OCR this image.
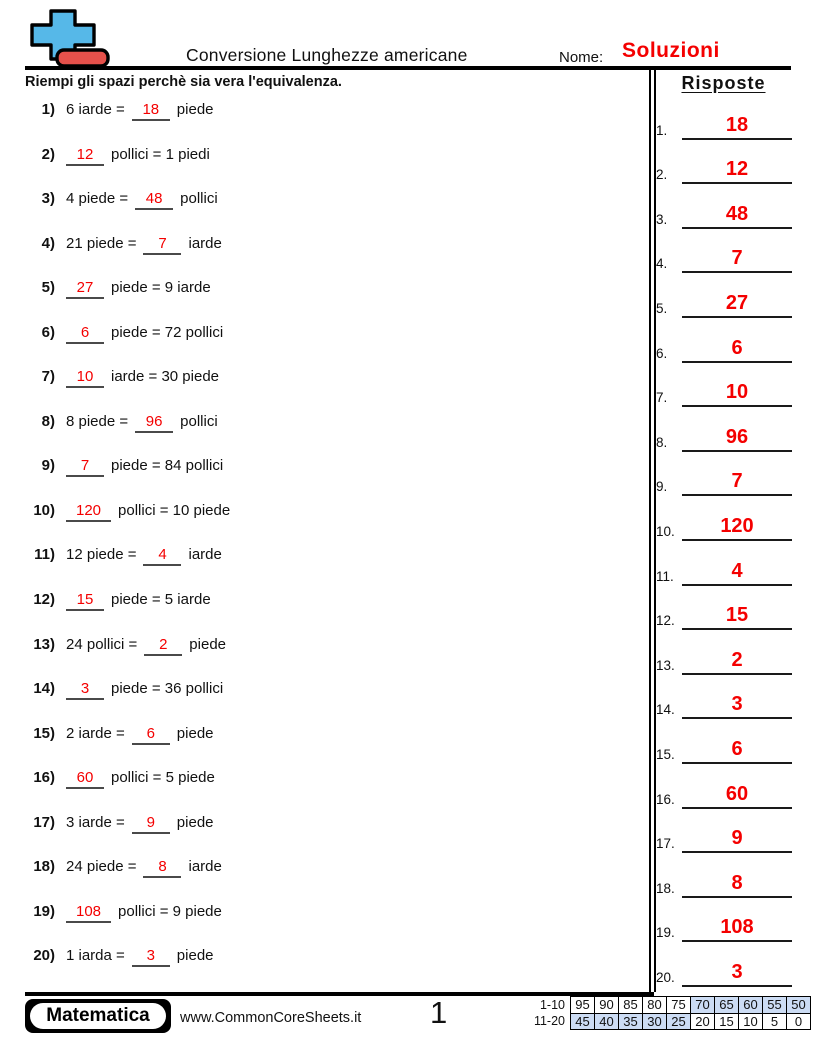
Conversione Lunghezze americane	Nome: Soluzioni
Riempi gli spazi perchè sia vera l'equivalenza.
1) 6 iarde =	18	piede
2)	12	pollici = 1 piedi
3) 4 piede =	48	pollici
4) 21 piede =	7	iarde
5)	27	piede = 9 iarde
6)	6	piede = 72 pollici
7)	10	iarde = 30 piede
8) 8 piede =	96	pollici
9)	7	piede = 84 pollici
10)	120	pollici = 10 piede
11) 12 piede =	4	iarde
12)	15	piede = 5 iarde
13) 24 pollici =	2	piede
14)	3	piede = 36 pollici
15) 2 iarde =	6	piede
16)	60	pollici = 5 piede
17) 3 iarde =	9	piede
18) 24 piede =	8	iarde
19)	108	pollici = 9 piede
20) 1 iarda =	3	piede
Risposte
1.	18
2.	12
3.	48
4.	7
5.	27
6.	6
7.	10
8.	96
9.	7
10.	120
11.	4
12.	15
13.	2
14.	3
15.	6
16.	60
17.	9
18.	8
19.	108
20.	3
Matematica	www.CommonCoreSheets.it 1	1-10	95	90	85	80	75	70	65	60	55	50
11-20	45	40	35	30	25	20	15	10	5	0
